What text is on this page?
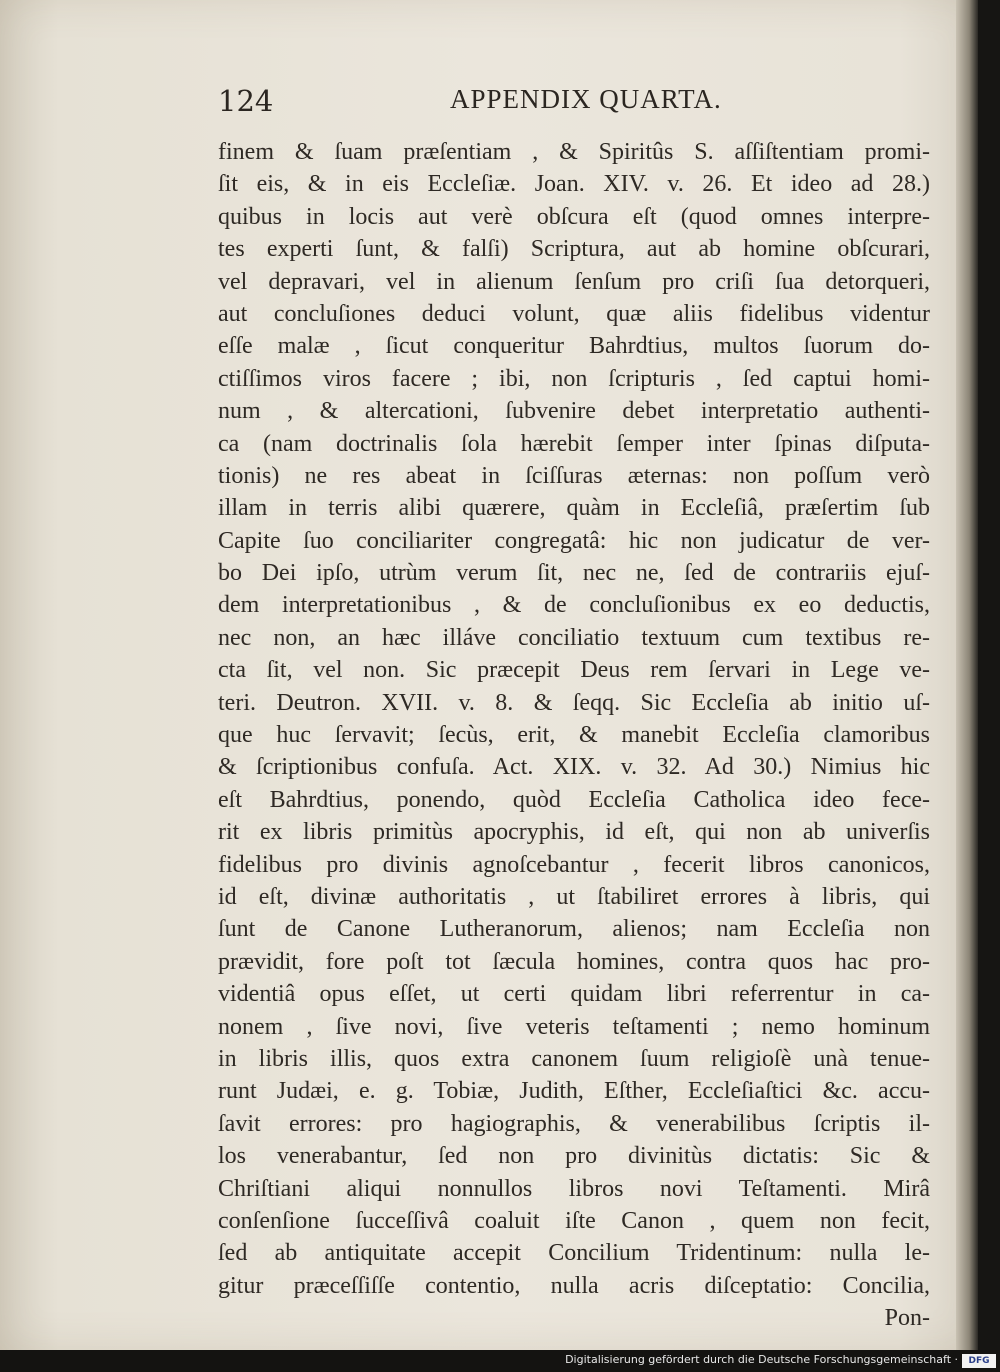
124	APPENDIX QUARTA.
finem & ſuam præſentiam , & Spiritûs S. aſſiſtentiam promi-
ſit eis, & in eis Eccleſiæ. Joan. XIV. v. 26. Et ideo ad 28.)
quibus in locis aut verè obſcura eſt (quod omnes interpre-
tes experti ſunt, & falſi) Scriptura, aut ab homine obſcurari,
vel depravari, vel in alienum ſenſum pro criſi ſua detorqueri,
aut concluſiones deduci volunt, quæ aliis fidelibus videntur
eſſe malæ , ſicut conqueritur Bahrdtius, multos ſuorum do-
ctiſſimos viros facere ; ibi, non ſcripturis , ſed captui homi-
num , & altercationi, ſubvenire debet interpretatio authenti-
ca (nam doctrinalis ſola hærebit ſemper inter ſpinas diſputa-
tionis) ne res abeat in ſciſſuras æternas: non poſſum verò
illam in terris alibi quærere, quàm in Eccleſiâ, præſertim ſub
Capite ſuo conciliariter congregatâ: hic non judicatur de ver-
bo Dei ipſo, utrùm verum ſit, nec ne, ſed de contrariis ejuſ-
dem interpretationibus , & de concluſionibus ex eo deductis,
nec non, an hæc illáve conciliatio textuum cum textibus re-
cta ſit, vel non. Sic præcepit Deus rem ſervari in Lege ve-
teri. Deutron. XVII. v. 8. & ſeqq. Sic Eccleſia ab initio uſ-
que huc ſervavit; ſecùs, erit, & manebit Eccleſia clamoribus
& ſcriptionibus confuſa. Act. XIX. v. 32. Ad 30.) Nimius hic
eſt Bahrdtius, ponendo, quòd Eccleſia Catholica ideo fece-
rit ex libris primitùs apocryphis, id eſt, qui non ab univerſis
fidelibus pro divinis agnoſcebantur , fecerit libros canonicos,
id eſt, divinæ authoritatis , ut ſtabiliret errores à libris, qui
ſunt de Canone Lutheranorum, alienos; nam Eccleſia non
prævidit, fore poſt tot ſæcula homines, contra quos hac pro-
videntiâ opus eſſet, ut certi quidam libri referrentur in ca-
nonem , ſive novi, ſive veteris teſtamenti ; nemo hominum
in libris illis, quos extra canonem ſuum religioſè unà tenue-
runt Judæi, e. g. Tobiæ, Judith, Eſther, Eccleſiaſtici &c. accu-
ſavit errores: pro hagiographis, & venerabilibus ſcriptis il-
los venerabantur, ſed non pro divinitùs dictatis: Sic &
Chriſtiani aliqui nonnullos libros novi Teſtamenti. Mirâ
conſenſione ſucceſſivâ coaluit iſte Canon , quem non fecit,
ſed ab antiquitate accepit Concilium Tridentinum: nulla le-
gitur præceſſiſſe contentio, nulla acris diſceptatio: Concilia,
Pon-
Digitalisierung gefördert durch die Deutsche Forschungsgemeinschaft ·	DFG
